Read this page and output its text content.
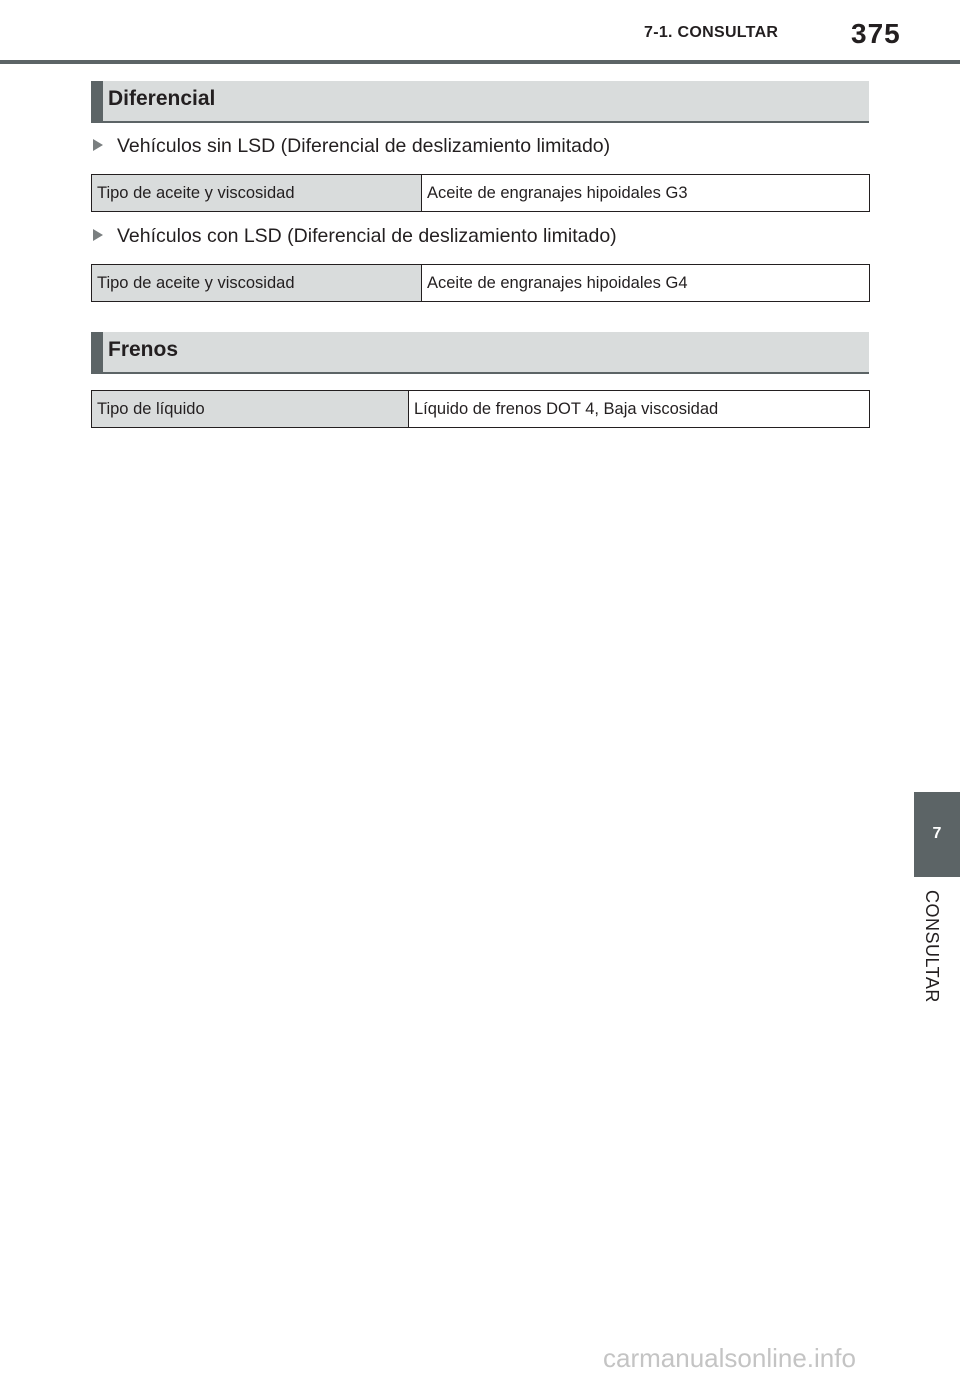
7-1. CONSULTAR	375
Diferencial
Vehículos sin LSD (Diferencial de deslizamiento limitado)
Tipo de aceite y viscosidad	Aceite de engranajes hipoidales G3
Vehículos con LSD (Diferencial de deslizamiento limitado)
Tipo de aceite y viscosidad	Aceite de engranajes hipoidales G4
Frenos
Tipo de líquido	Líquido de frenos DOT 4, Baja viscosidad
7
CONSULTAR
carmanualsonline.info
